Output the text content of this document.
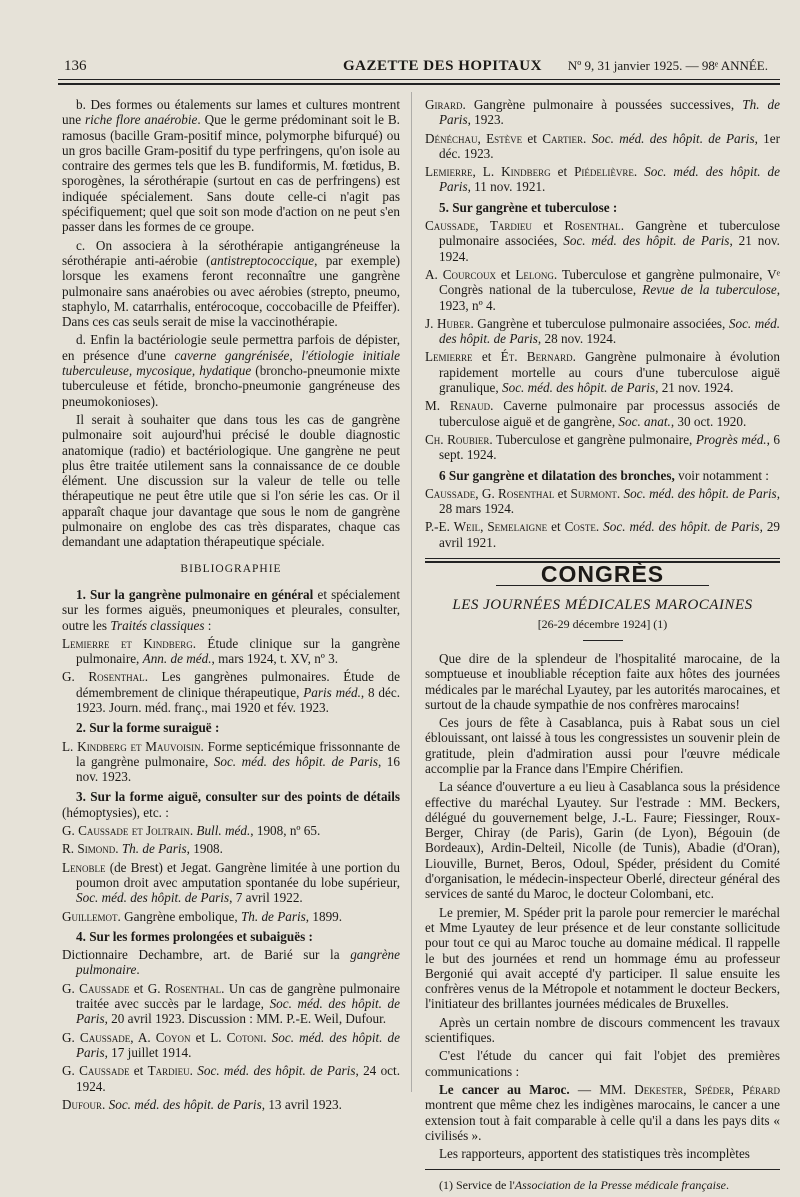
136	GAZETTE DES HOPITAUX Nº 9, 31 janvier 1925. — 98ᵉ ANNÉE.

b. Des formes ou étalements sur lames et cultures montrent une riche flore anaérobie. Que le germe prédominant soit le B. ramosus (bacille Gram-positif mince, polymorphe bifurqué) ou un gros bacille Gram-positif du type perfringens, qu'on isole au contraire des germes tels que les B. fundiformis, M. fœtidus, B. sporogènes, la sérothérapie (surtout en cas de perfringens) est indiquée spécialement. Sans doute celle-ci n'agit pas spécifiquement; quel que soit son mode d'action on ne peut s'en passer dans les formes de ce groupe.

c. On associera à la sérothérapie antigangréneuse la sérothérapie anti-aérobie (antistreptococcique, par exemple) lorsque les examens feront reconnaître une gangrène pulmonaire sans anaérobies ou avec aérobies (strepto, pneumo, staphylo, M. catarrhalis, entérocoque, coccobacille de Pfeiffer). Dans ces cas seuls serait de mise la vaccinothérapie.

d. Enfin la bactériologie seule permettra parfois de dépister, en présence d'une caverne gangrénisée, l'étiologie initiale tuberculeuse, mycosique, hydatique (broncho-pneumonie mixte tuberculeuse et fétide, broncho-pneumonie gangréneuse des pneumokonioses).

Il serait à souhaiter que dans tous les cas de gangrène pulmonaire soit aujourd'hui précisé le double diagnostic anatomique (radio) et bactériologique. Une gangrène ne peut plus être traitée utilement sans la connaissance de ce double élément. Une discussion sur la valeur de telle ou telle thérapeutique ne peut être utile que si l'on série les cas. Or il apparaît chaque jour davantage que sous le nom de gangrène pulmonaire on englobe des cas très disparates, chaque cas demandant une adaptation thérapeutique spéciale.

BIBLIOGRAPHIE

1. Sur la gangrène pulmonaire en général et spécialement sur les formes aiguës, pneumoniques et pleurales, consulter, outre les Traités classiques :

Lemierre et Kindberg. Étude clinique sur la gangrène pulmonaire, Ann. de méd., mars 1924, t. XV, nº 3.

G. Rosenthal. Les gangrènes pulmonaires. Étude de démembrement de clinique thérapeutique, Paris méd., 8 déc. 1923. Journ. méd. franç., mai 1920 et fév. 1923.

2. Sur la forme suraiguë :

L. Kindberg et Mauvoisin. Forme septicémique frissonnante de la gangrène pulmonaire, Soc. méd. des hôpit. de Paris, 16 nov. 1923.

3. Sur la forme aiguë, consulter sur des points de détails (hémoptysies), etc. :

G. Caussade et Joltrain. Bull. méd., 1908, nº 65.

R. Simond. Th. de Paris, 1908.

Lenoble (de Brest) et Jegat. Gangrène limitée à une portion du poumon droit avec amputation spontanée du lobe supérieur, Soc. méd. des hôpit. de Paris, 7 avril 1922.

Guillemot. Gangrène embolique, Th. de Paris, 1899.

4. Sur les formes prolongées et subaiguës :

Dictionnaire Dechambre, art. de Barié sur la gangrène pulmonaire.

G. Caussade et G. Rosenthal. Un cas de gangrène pulmonaire traitée avec succès par le lardage, Soc. méd. des hôpit. de Paris, 20 avril 1923. Discussion : MM. P.-E. Weil, Dufour.

G. Caussade, A. Coyon et L. Cotoni. Soc. méd. des hôpit. de Paris, 17 juillet 1914.

G. Caussade et Tardieu. Soc. méd. des hôpit. de Paris, 24 oct. 1924.

Dufour. Soc. méd. des hôpit. de Paris, 13 avril 1923.

Girard. Gangrène pulmonaire à poussées successives, Th. de Paris, 1923.

Dénéchau, Estève et Cartier. Soc. méd. des hôpit. de Paris, 1er déc. 1923.

Lemierre, L. Kindberg et Piédelièvre. Soc. méd. des hôpit. de Paris, 11 nov. 1921.

5. Sur gangrène et tuberculose :

Caussade, Tardieu et Rosenthal. Gangrène et tuberculose pulmonaire associées, Soc. méd. des hôpit. de Paris, 21 nov. 1924.

A. Courcoux et Lelong. Tuberculose et gangrène pulmonaire, Vᵉ Congrès national de la tuberculose, Revue de la tuberculose, 1923, nº 4.

J. Huber. Gangrène et tuberculose pulmonaire associées, Soc. méd. des hôpit. de Paris, 28 nov. 1924.

Lemierre et Ét. Bernard. Gangrène pulmonaire à évolution rapidement mortelle au cours d'une tuberculose aiguë granulique, Soc. méd. des hôpit. de Paris, 21 nov. 1924.

M. Renaud. Caverne pulmonaire par processus associés de tuberculose aiguë et de gangrène, Soc. anat., 30 oct. 1920.

Ch. Roubier. Tuberculose et gangrène pulmonaire, Progrès méd., 6 sept. 1924.

6 Sur gangrène et dilatation des bronches, voir notamment :

Caussade, G. Rosenthal et Surmont. Soc. méd. des hôpit. de Paris, 28 mars 1924.

P.-E. Weil, Semelaigne et Coste. Soc. méd. des hôpit. de Paris, 29 avril 1921.

CONGRÈS
LES JOURNÉES MÉDICALES MAROCAINES
[26-29 décembre 1924] (1)

Que dire de la splendeur de l'hospitalité marocaine, de la somptueuse et inoubliable réception faite aux hôtes des journées médicales par le maréchal Lyautey, par les autorités marocaines, et surtout de la chaude sympathie de nos confrères marocains!

Ces jours de fête à Casablanca, puis à Rabat sous un ciel éblouissant, ont laissé à tous les congressistes un souvenir plein de gratitude, plein d'admiration aussi pour l'œuvre médicale accomplie par la France dans l'Empire Chérifien.

La séance d'ouverture a eu lieu à Casablanca sous la présidence effective du maréchal Lyautey. Sur l'estrade : MM. Beckers, délégué du gouvernement belge, J.-L. Faure; Fiessinger, Roux-Berger, Chiray (de Paris), Garin (de Lyon), Bégouin (de Bordeaux), Ardin-Delteil, Nicolle (de Tunis), Abadie (d'Oran), Liouville, Burnet, Beros, Odoul, Spéder, président du Comité d'organisation, le médecin-inspecteur Oberlé, directeur général des services de santé du Maroc, le docteur Colombani, etc.

Le premier, M. Spéder prit la parole pour remercier le maréchal et Mme Lyautey de leur présence et de leur constante sollicitude pour tout ce qui au Maroc touche au domaine médical. Il rappelle le but des journées et rend un hommage ému au professeur Bergonié qui avait accepté d'y participer. Il salue ensuite les confrères venus de la Métropole et notamment le docteur Beckers, l'initiateur des brillantes journées médicales de Bruxelles.

Après un certain nombre de discours commencent les travaux scientifiques.

C'est l'étude du cancer qui fait l'objet des premières communications :

Le cancer au Maroc. — MM. Dekester, Spéder, Pérard montrent que même chez les indigènes marocains, le cancer a une extension tout à fait comparable à celle qu'il a dans les pays dits « civilisés ».

Les rapporteurs, apportent des statistiques très incomplètes

(1) Service de l'Association de la Presse médicale française.
